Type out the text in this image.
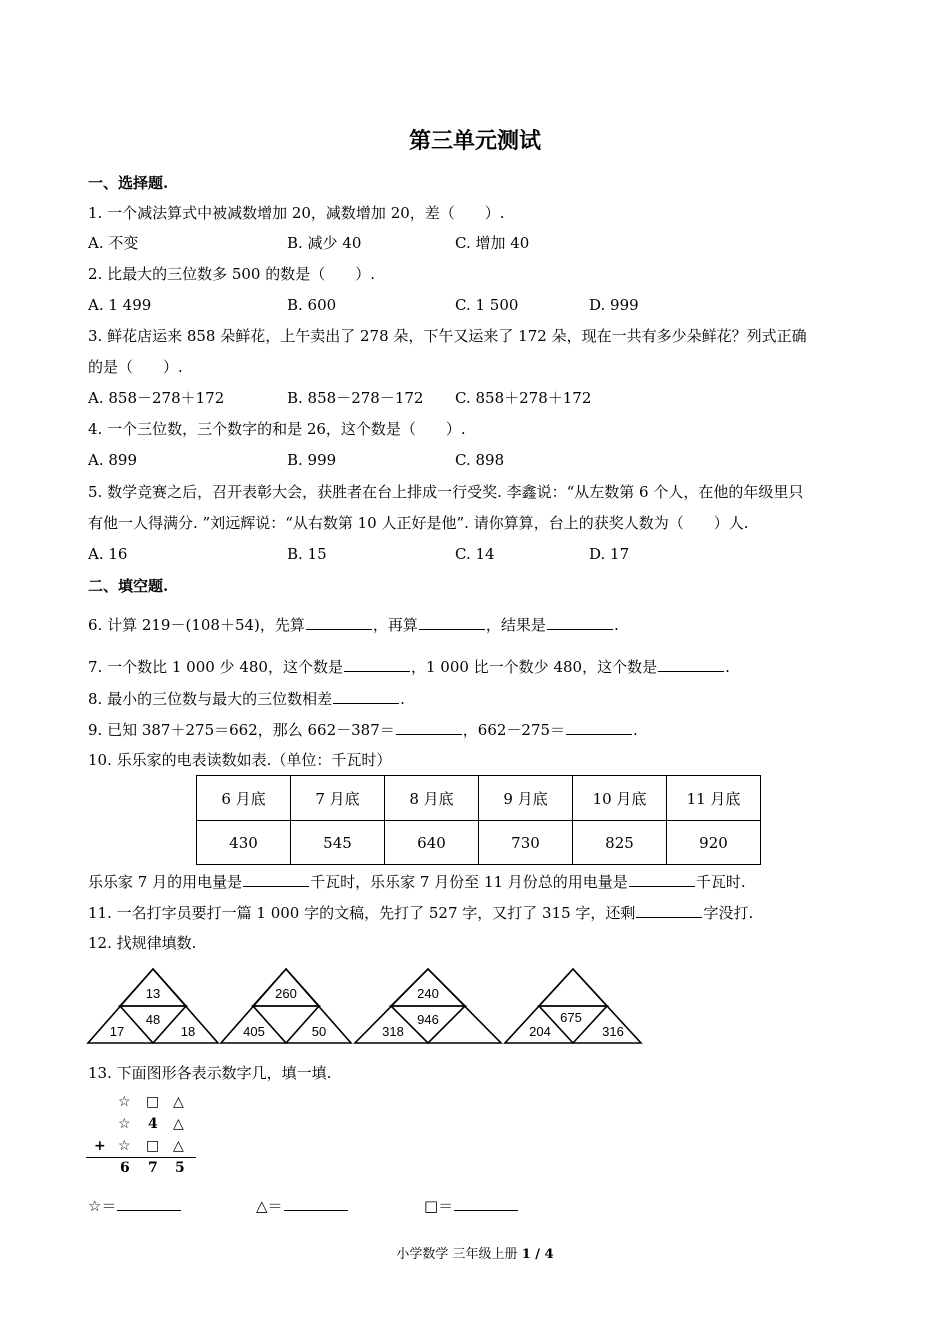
第三单元测试
一、选择题.
1. 一个减法算式中被减数增加 20，减数增加 20，差（　　）.
A. 不变	B. 减少 40	C. 增加 40
2. 比最大的三位数多 500 的数是（　　）.
A. 1 499	B. 600	C. 1 500	D. 999
3. 鲜花店运来 858 朵鲜花，上午卖出了 278 朵，下午又运来了 172 朵，现在一共有多少朵鲜花？列式正确
的是（　　）.
A. 858－278＋172	B. 858－278－172 C. 858＋278＋172
4. 一个三位数，三个数字的和是 26，这个数是（　　）.
A. 899	B. 999	C. 898
5. 数学竞赛之后，召开表彰大会，获胜者在台上排成一行受奖. 李鑫说：“从左数第 6 个人，在他的年级里只
有他一人得满分. ”刘远辉说：“从右数第 10 人正好是他”. 请你算算，台上的获奖人数为（　　）人.
A. 16	B. 15	C. 14	D. 17
二、填空题.
6. 计算 219－(108＋54)，先算	，再算	，结果是	.
7. 一个数比 1 000 少 480，这个数是	，1 000 比一个数少 480，这个数是	.
8. 最小的三位数与最大的三位数相差	.
9. 已知 387＋275＝662，那么 662－387＝	，662－275＝	.
10. 乐乐家的电表读数如表.（单位：千瓦时）
6 月底	7 月底	8 月底	9 月底	10 月底	11 月底
430	545	640	730	825	920
乐乐家 7 月的用电量是	千瓦时，乐乐家 7 月份至 11 月份总的用电量是	千瓦时.
11. 一名打字员要打一篇 1 000 字的文稿，先打了 527 字，又打了 315 字，还剩	字没打.
12. 找规律填数.
13
48
17	18
260
405	50
240
946
318
675
204	316
13. 下面图形各表示数字几，填一填.
☆ □ △
☆ 4 △
+ ☆ □ △
6 7 5
☆＝	△＝	□＝
小学数学 三年级上册 1 / 4
